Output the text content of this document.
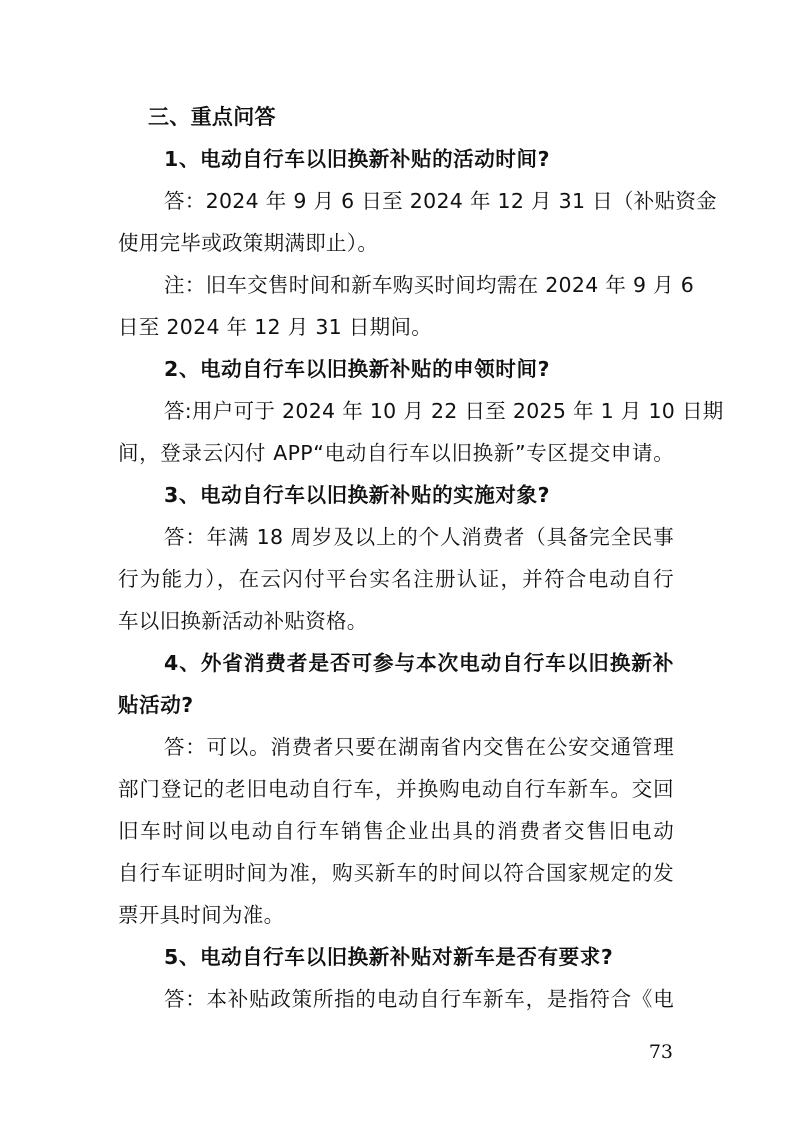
三、重点问答
1、电动自行车以旧换新补贴的活动时间?
答：2024 年 9 月 6 日至 2024 年 12 月 31 日（补贴资金
使用完毕或政策期满即止）。
注：旧车交售时间和新车购买时间均需在 2024 年 9 月 6
日至 2024 年 12 月 31 日期间。
2、电动自行车以旧换新补贴的申领时间?
答:用户可于 2024 年 10 月 22 日至 2025 年 1 月 10 日期
间，登录云闪付 APP“电动自行车以旧换新”专区提交申请。
3、电动自行车以旧换新补贴的实施对象?
答：年满 18 周岁及以上的个人消费者（具备完全民事
行为能力），在云闪付平台实名注册认证，并符合电动自行
车以旧换新活动补贴资格。
4、外省消费者是否可参与本次电动自行车以旧换新补
贴活动?
答：可以。消费者只要在湖南省内交售在公安交通管理
部门登记的老旧电动自行车，并换购电动自行车新车。交回
旧车时间以电动自行车销售企业出具的消费者交售旧电动
自行车证明时间为准，购买新车的时间以符合国家规定的发
票开具时间为准。
5、电动自行车以旧换新补贴对新车是否有要求?
答：本补贴政策所指的电动自行车新车，是指符合《电
73
